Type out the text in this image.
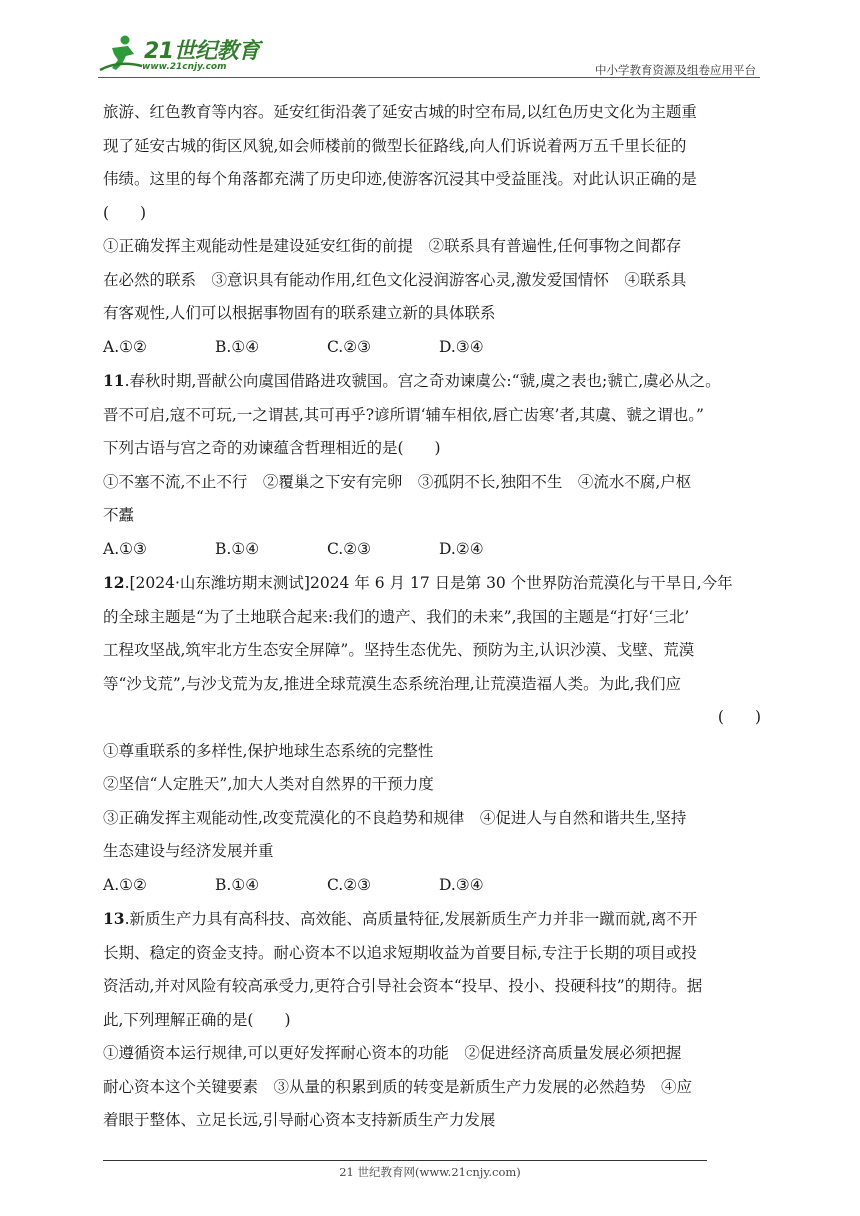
21世纪教育
www.21cnjy.com	中小学教育资源及组卷应用平台

旅游、红色教育等内容。延安红街沿袭了延安古城的时空布局,以红色历史文化为主题重

现了延安古城的街区风貌,如会师楼前的微型长征路线,向人们诉说着两万五千里长征的

伟绩。这里的每个角落都充满了历史印迹,使游客沉浸其中受益匪浅。对此认识正确的是

(　　)

①正确发挥主观能动性是建设延安红街的前提　②联系具有普遍性,任何事物之间都存

在必然的联系　③意识具有能动作用,红色文化浸润游客心灵,激发爱国情怀　④联系具

有客观性,人们可以根据事物固有的联系建立新的具体联系

A.①②	B.①④	C.②③	D.③④

11.春秋时期,晋献公向虞国借路进攻虢国。宫之奇劝谏虞公:“虢,虞之表也;虢亡,虞必从之。

晋不可启,寇不可玩,一之谓甚,其可再乎?谚所谓‘辅车相依,唇亡齿寒’者,其虞、虢之谓也。”

下列古语与宫之奇的劝谏蕴含哲理相近的是(　　)

①不塞不流,不止不行　②覆巢之下安有完卵　③孤阴不长,独阳不生　④流水不腐,户枢

不蠹

A.①③	B.①④	C.②③	D.②④

12.[2024·山东潍坊期末测试]2024 年 6 月 17 日是第 30 个世界防治荒漠化与干旱日,今年

的全球主题是“为了土地联合起来:我们的遗产、我们的未来”,我国的主题是“打好‘三北’

工程攻坚战,筑牢北方生态安全屏障”。坚持生态优先、预防为主,认识沙漠、戈壁、荒漠

等“沙戈荒”,与沙戈荒为友,推进全球荒漠生态系统治理,让荒漠造福人类。为此,我们应

(　　)

①尊重联系的多样性,保护地球生态系统的完整性

②坚信“人定胜天”,加大人类对自然界的干预力度

③正确发挥主观能动性,改变荒漠化的不良趋势和规律　④促进人与自然和谐共生,坚持

生态建设与经济发展并重

A.①②	B.①④	C.②③	D.③④

13.新质生产力具有高科技、高效能、高质量特征,发展新质生产力并非一蹴而就,离不开

长期、稳定的资金支持。耐心资本不以追求短期收益为首要目标,专注于长期的项目或投

资活动,并对风险有较高承受力,更符合引导社会资本“投早、投小、投硬科技”的期待。据

此,下列理解正确的是(　　)

①遵循资本运行规律,可以更好发挥耐心资本的功能　②促进经济高质量发展必须把握

耐心资本这个关键要素　③从量的积累到质的转变是新质生产力发展的必然趋势　④应

着眼于整体、立足长远,引导耐心资本支持新质生产力发展

21 世纪教育网(www.21cnjy.com)
